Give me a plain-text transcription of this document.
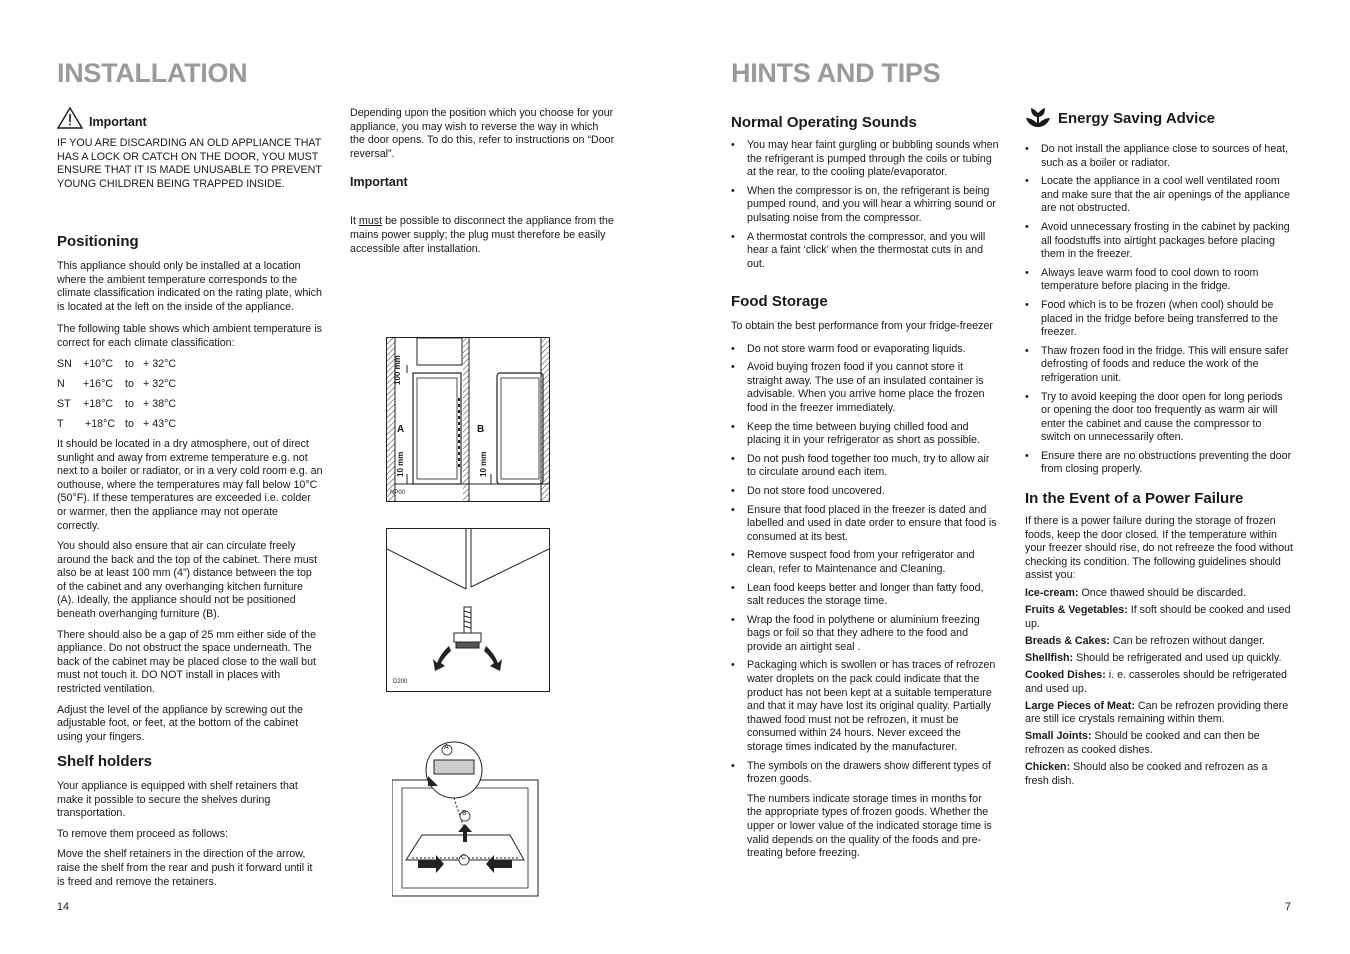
INSTALLATION
Important

IF YOU ARE DISCARDING AN OLD APPLIANCE THAT HAS A LOCK OR CATCH ON THE DOOR, YOU MUST ENSURE THAT IT IS MADE UNUSABLE TO PREVENT YOUNG CHILDREN BEING TRAPPED INSIDE.

Positioning

This appliance should only be installed at a location where the ambient temperature corresponds to the climate classification indicated on the rating plate, which is located at the left on the inside of the appliance.

The following table shows which ambient temperature is correct for each climate classification:

SN +10°C to + 32°C
N +16°C to + 32°C
ST +18°C to + 38°C
T +18°C to + 43°C

It should be located in a dry atmosphere, out of direct sunlight and away from extreme temperature e.g. not next to a boiler or radiator, or in a very cold room e.g. an outhouse, where the temperatures may fall below 10°C (50°F). If these temperatures are exceeded i.e. colder or warmer, then the appliance may not operate correctly.

You should also ensure that air can circulate freely around the back and the top of the cabinet. There must also be at least 100 mm (4”) distance between the top of the cabinet and any overhanging kitchen furniture (A). Ideally, the appliance should not be positioned beneath overhanging furniture (B).

There should also be a gap of 25 mm either side of the appliance. Do not obstruct the space underneath. The back of the cabinet may be placed close to the wall but must not touch it. DO NOT install in places with restricted ventilation.

Adjust the level of the appliance by screwing out the adjustable foot, or feet, at the bottom of the cabinet using your fingers.

Shelf holders

Your appliance is equipped with shelf retainers that make it possible to secure the shelves during transportation.

To remove them proceed as follows:

Move the shelf retainers in the direction of the arrow, raise the shelf from the rear and push it forward until it is freed and remove the retainers.

14

Depending upon the position which you choose for your appliance, you may wish to reverse the way in which the door opens. To do this, refer to instructions on “Door reversal”.

Important

It must be possible to disconnect the appliance from the mains power supply; the plug must therefore be easily accessible after installation.

100 mm
A	B
10 mm	10 mm
NP00
D200
A
B
C
HINTS AND TIPS
Normal Operating Sounds
• You may hear faint gurgling or bubbling sounds when the refrigerant is pumped through the coils or tubing at the rear, to the cooling plate/evaporator.
• When the compressor is on, the refrigerant is being pumped round, and you will hear a whirring sound or pulsating noise from the compressor.
• A thermostat controls the compressor, and you will hear a faint ‘click’ when the thermostat cuts in and out.
Food Storage

To obtain the best performance from your fridge-freezer

• Do not store warm food or evaporating liquids.
• Avoid buying frozen food if you cannot store it straight away. The use of an insulated container is advisable. When you arrive home place the frozen food in the freezer immediately.
• Keep the time between buying chilled food and placing it in your refrigerator as short as possible.
• Do not push food together too much, try to allow air to circulate around each item.
• Do not store food uncovered.
• Ensure that food placed in the freezer is dated and labelled and used in date order to ensure that food is consumed at its best.
• Remove suspect food from your refrigerator and clean, refer to Maintenance and Cleaning.
• Lean food keeps better and longer than fatty food, salt reduces the storage time.
• Wrap the food in polythene or aluminium freezing bags or foil so that they adhere to the food and provide an airtight seal .
• Packaging which is swollen or has traces of refrozen water droplets on the pack could indicate that the product has not been kept at a suitable temperature and that it may have lost its original quality. Partially thawed food must not be refrozen, it must be consumed within 24 hours. Never exceed the storage times indicated by the manufacturer.
• The symbols on the drawers show different types of frozen goods.

The numbers indicate storage times in months for the appropriate types of frozen goods. Whether the upper or lower value of the indicated storage time is valid depends on the quality of the foods and pre-treating before freezing.

7
Energy Saving Advice
• Do not install the appliance close to sources of heat, such as a boiler or radiator.
• Locate the appliance in a cool well ventilated room and make sure that the air openings of the appliance are not obstructed.
• Avoid unnecessary frosting in the cabinet by packing all foodstuffs into airtight packages before placing them in the freezer.
• Always leave warm food to cool down to room temperature before placing in the fridge.
• Food which is to be frozen (when cool) should be placed in the fridge before being transferred to the freezer.
• Thaw frozen food in the fridge. This will ensure safer defrosting of foods and reduce the work of the refrigeration unit.
• Try to avoid keeping the door open for long periods or opening the door too frequently as warm air will enter the cabinet and cause the compressor to switch on unnecessarily often.
• Ensure there are no obstructions preventing the door from closing properly.
In the Event of a Power Failure

If there is a power failure during the storage of frozen foods, keep the door closed. If the temperature within your freezer should rise, do not refreeze the food without checking its condition. The following guidelines should assist you:

Ice-cream: Once thawed should be discarded.
Fruits & Vegetables: If soft should be cooked and used up.
Breads & Cakes: Can be refrozen without danger.
Shellfish: Should be refrigerated and used up quickly.
Cooked Dishes: i. e. casseroles should be refrigerated and used up.
Large Pieces of Meat: Can be refrozen providing there are still ice crystals remaining within them.
Small Joints: Should be cooked and can then be refrozen as cooked dishes.
Chicken: Should also be cooked and refrozen as a fresh dish.
